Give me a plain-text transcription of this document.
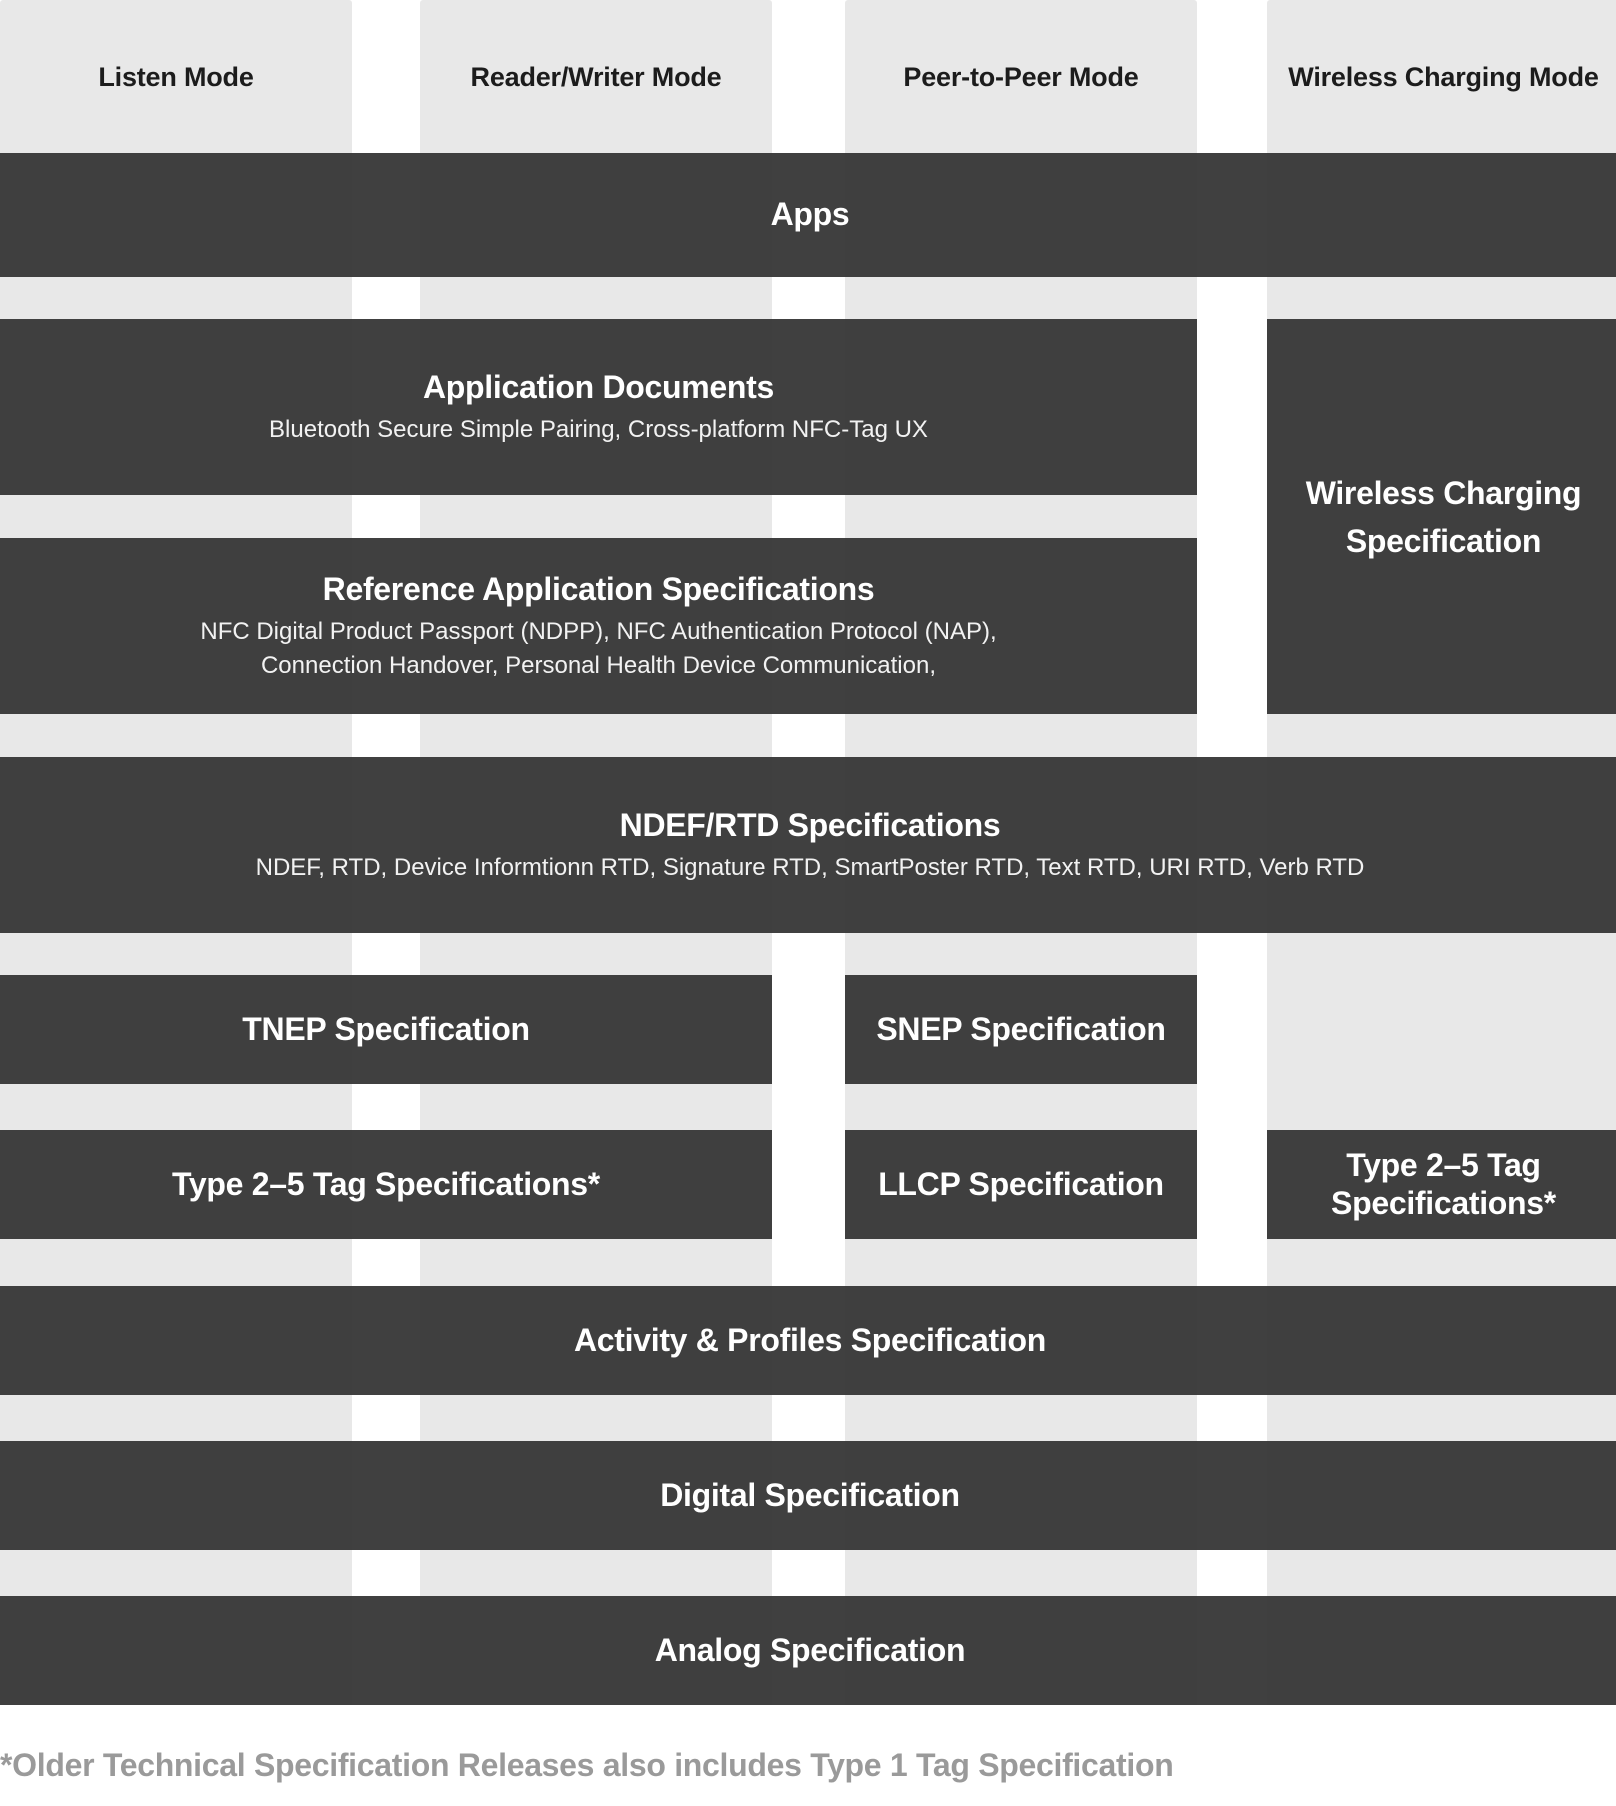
Listen Mode	Reader/Writer Mode	Peer-to-Peer Mode	Wireless Charging Mode
Apps
Application Documents
Bluetooth Secure Simple Pairing, Cross-platform NFC-Tag UX
Reference Application Specifications
NFC Digital Product Passport (NDPP), NFC Authentication Protocol (NAP),
Connection Handover, Personal Health Device Communication,
Wireless Charging
Specification
NDEF/RTD Specifications
NDEF, RTD, Device Informtionn RTD, Signature RTD, SmartPoster RTD, Text RTD, URI RTD, Verb RTD
TNEP Specification	SNEP Specification
Type 2–5 Tag Specifications*	LLCP Specification
Type 2–5 Tag
Specifications*
Activity & Profiles Specification
Digital Specification
Analog Specification
*Older Technical Specification Releases also includes Type 1 Tag Specification
